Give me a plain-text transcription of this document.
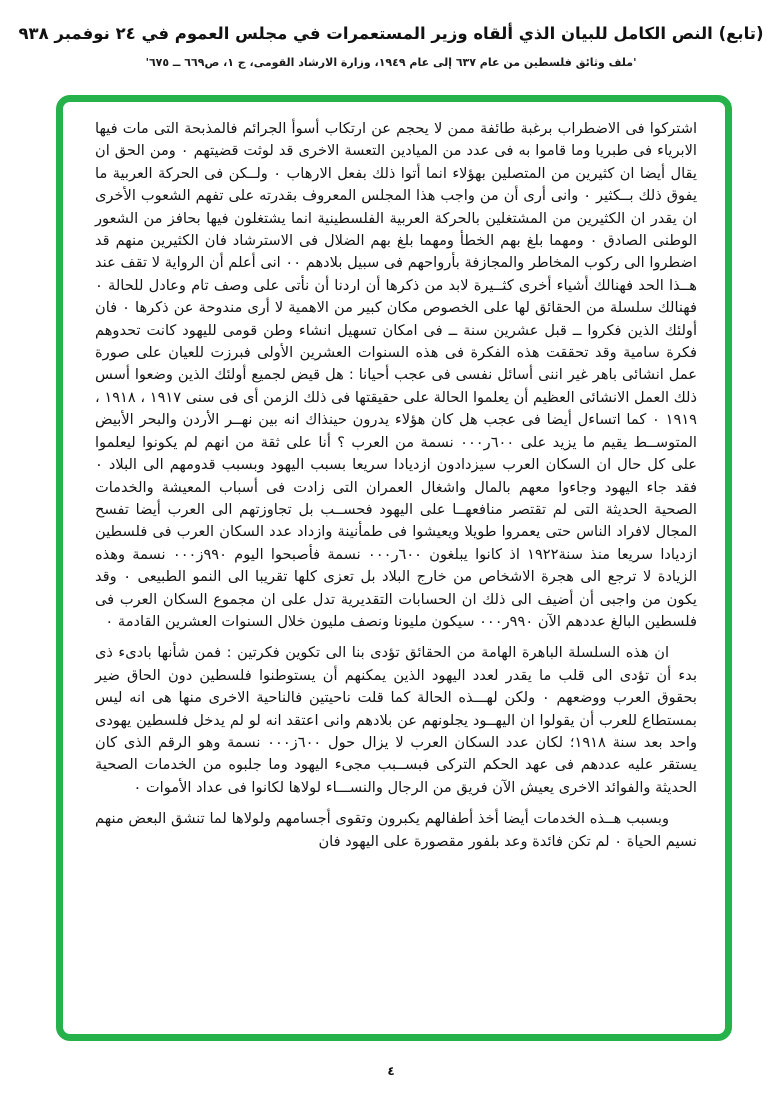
(تابع) النص الكامل للبيان الذي ألقاه وزير المستعمرات في مجلس العموم في ٢٤ نوفمبر ٩٣٨
'ملف وثائق فلسطين من عام ٦٣٧ إلى عام ١٩٤٩، وزارة الارشاد القومى، ج ١، ص٦٦٩ ــ ٦٧٥'

اشتركوا فى الاضطراب برغبة طائفة ممن لا يحجم عن ارتكاب أسوأ الجرائم فالمذبحة التى مات فيها الابرياء فى طبريا وما قاموا به فى عدد من الميادين التعسة الاخرى قد لوثت قضيتهم ۰ ومن الحق ان يقال أيضا ان كثيرين من المتصلين بهؤلاء انما أتوا ذلك بفعل الارهاب ۰ ولــكن فى الحركة العربية ما يفوق ذلك بــكثير ۰ وانى أرى أن من واجب هذا المجلس المعروف بقدرته على تفهم الشعوب الأخرى ان يقدر ان الكثيرين من المشتغلين بالحركة العربية الفلسطينية انما يشتغلون فيها بحافز من الشعور الوطنى الصادق ۰ ومهما بلغ بهم الخطأ ومهما بلغ بهم الضلال فى الاسترشاد فان الكثيرين منهم قد اضطروا الى ركوب المخاطر والمجازفة بأرواحهم فى سبيل بلادهم ۰۰ انى أعلم أن الرواية لا تقف عند هــذا الحد فهنالك أشياء أخرى كثــيرة لابد من ذكرها أن اردنا أن نأتى على وصف تام وعادل للحالة ۰ فهنالك سلسلة من الحقائق لها على الخصوص مكان كبير من الاهمية لا أرى مندوحة عن ذكرها ۰ فان أولئك الذين فكروا ــ قبل عشرين سنة ــ فى امكان تسهيل انشاء وطن قومى لليهود كانت تحدوهم فكرة سامية وقد تحققت هذه الفكرة فى هذه السنوات العشرين الأولى فبرزت للعيان على صورة عمل انشائى باهر غير اننى أسائل نفسى فى عجب أحيانا : هل قيض لجميع أولئك الذين وضعوا أسس ذلك العمل الانشائى العظيم أن يعلموا الحالة على حقيقتها فى ذلك الزمن أى فى سنى ١٩١٧ ، ١٩١٨ ، ١٩١٩ ۰ كما اتساءل أيضا فى عجب هل كان هؤلاء يدرون حينذاك انه بين نهــر الأردن والبحر الأبيض المتوســط يقيم ما يزيد على ٦٠٠ر٠٠٠ نسمة من العرب ؟ أنا على ثقة من انهم لم يكونوا ليعلموا على كل حال ان السكان العرب سيزدادون ازديادا سريعا بسبب اليهود وبسبب قدومهم الى البلاد ۰ فقد جاء اليهود وجاءوا معهم بالمال واشغال العمران التى زادت فى أسباب المعيشة والخدمات الصحية الحديثة التى لم تقتصر منافعهــا على اليهود فحســب بل تجاوزتهم الى العرب أيضا تفسح المجال لافراد الناس حتى يعمروا طويلا ويعيشوا فى طمأنينة وازداد عدد السكان العرب فى فلسطين ازديادا سريعا منذ سنة١٩٢٢ اذ كانوا يبلغون ٦٠٠ر٠٠٠ نسمة فأصبحوا اليوم ٩٩٠ز٠٠٠ نسمة وهذه الزيادة لا ترجع الى هجرة الاشخاص من خارج البلاد بل تعزى كلها تقريبا الى النمو الطبيعى ۰ وقد يكون من واجبى أن أضيف الى ذلك ان الحسابات التقديرية تدل على ان مجموع السكان العرب فى فلسطين البالغ عددهم الآن ٩٩٠ر٠٠٠ سيكون مليونا ونصف مليون خلال السنوات العشرين القادمة ۰

ان هذه السلسلة الباهرة الهامة من الحقائق تؤدى بنا الى تكوين فكرتين : فمن شأنها بادىء ذى بدء أن تؤدى الى قلب ما يقدر لعدد اليهود الذين يمكنهم أن يستوطنوا فلسطين دون الحاق ضير بحقوق العرب ووضعهم ۰ ولكن لهـــذه الحالة كما قلت ناحيتين فالناحية الاخرى منها هى انه ليس بمستطاع للعرب أن يقولوا ان اليهــود يجلونهم عن بلادهم وانى اعتقد انه لو لم يدخل فلسطين يهودى واحد بعد سنة ١٩١٨؛ لكان عدد السكان العرب لا يزال حول ٦٠٠ز٠٠٠ نسمة وهو الرقم الذى كان يستقر عليه عددهم فى عهد الحكم التركى فبســبب مجىء اليهود وما جلبوه من الخدمات الصحية الحديثة والفوائد الاخرى يعيش الآن فريق من الرجال والنســـاء لولاها لكانوا فى عداد الأموات ۰

وبسبب هــذه الخدمات أيضا أخذ أطفالهم يكبرون وتقوى أجسامهم ولولاها لما تنشق البعض منهم نسيم الحياة ۰ لم تكن فائدة وعد بلفور مقصورة على اليهود فان

٤
